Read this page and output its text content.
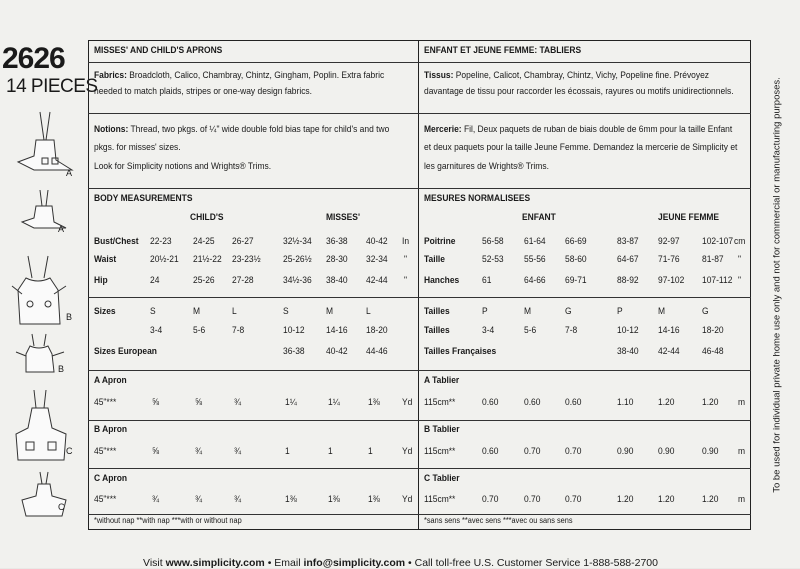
2626
14 PIECES
A
A
B
B
C
C
MISSES' AND CHILD'S APRONS
Fabrics: Broadcloth, Calico, Chambray, Chintz, Gingham, Poplin. Extra fabric
needed to match plaids, stripes or one-way design fabrics.
Notions: Thread, two pkgs. of ¼" wide double fold bias tape for child's and two
pkgs. for misses' sizes.
Look for Simplicity notions and Wrights® Trims.
BODY MEASUREMENTS
CHILD'S	MISSES'
Bust/Chest 22-23 24-25 26-27	32½-34 36-38 40-42 In
Waist	20½-21 21½-22 23-23½ 25-26½ 28-30 32-34 "
Hip	24	25-26 27-28	34½-36 38-40 42-44 "
Sizes	S	M	L	S	M	L
3-4	5-6	7-8	10-12 14-16 18-20
Sizes European	36-38 40-42 44-46
A Apron
45"***	⅝	⅝	¾	1¼	1¼	1⅜ Yd
B Apron
45"***	⅝	¾	¾	1	1	1	Yd
C Apron
45"***	¾	¾	¾	1⅜	1⅜	1⅜ Yd
*without nap **with nap ***with or without nap
ENFANT ET JEUNE FEMME: TABLIERS
Tissus: Popeline, Calicot, Chambray, Chintz, Vichy, Popeline fine. Prévoyez
davantage de tissu pour raccorder les écossais, rayures ou motifs unidirectionnels.
Mercerie: Fil, Deux paquets de ruban de biais double de 6mm pour la taille Enfant
et deux paquets pour la taille Jeune Femme. Demandez la mercerie de Simplicity et
les garnitures de Wrights® Trims.
MESURES NORMALISEES
ENFANT	JEUNE FEMME
Poitrine	56-58 61-64 66-69	83-87 92-97 102-107 cm
Taille	52-53 55-56 58-60	64-67 71-76 81-87 "
Hanches 61	64-66 69-71	88-92 97-102 107-112 "
Tailles	P	M	G	P	M	G
Tailles	3-4	5-6	7-8	10-12 14-16 18-20
Tailles Françaises	38-40 42-44 46-48
A Tablier
115cm**	0.60	0.60	0.60	1.10	1.20	1.20 m
B Tablier
115cm**	0.60	0.70	0.70	0.90	0.90	0.90 m
C Tablier
115cm**	0.70	0.70	0.70	1.20	1.20	1.20 m
*sans sens **avec sens ***avec ou sans sens
To be used for individual private home use only and not for commercial or manufacturing purposes.
Visit www.simplicity.com • Email info@simplicity.com • Call toll-free U.S. Customer Service 1-888-588-2700
